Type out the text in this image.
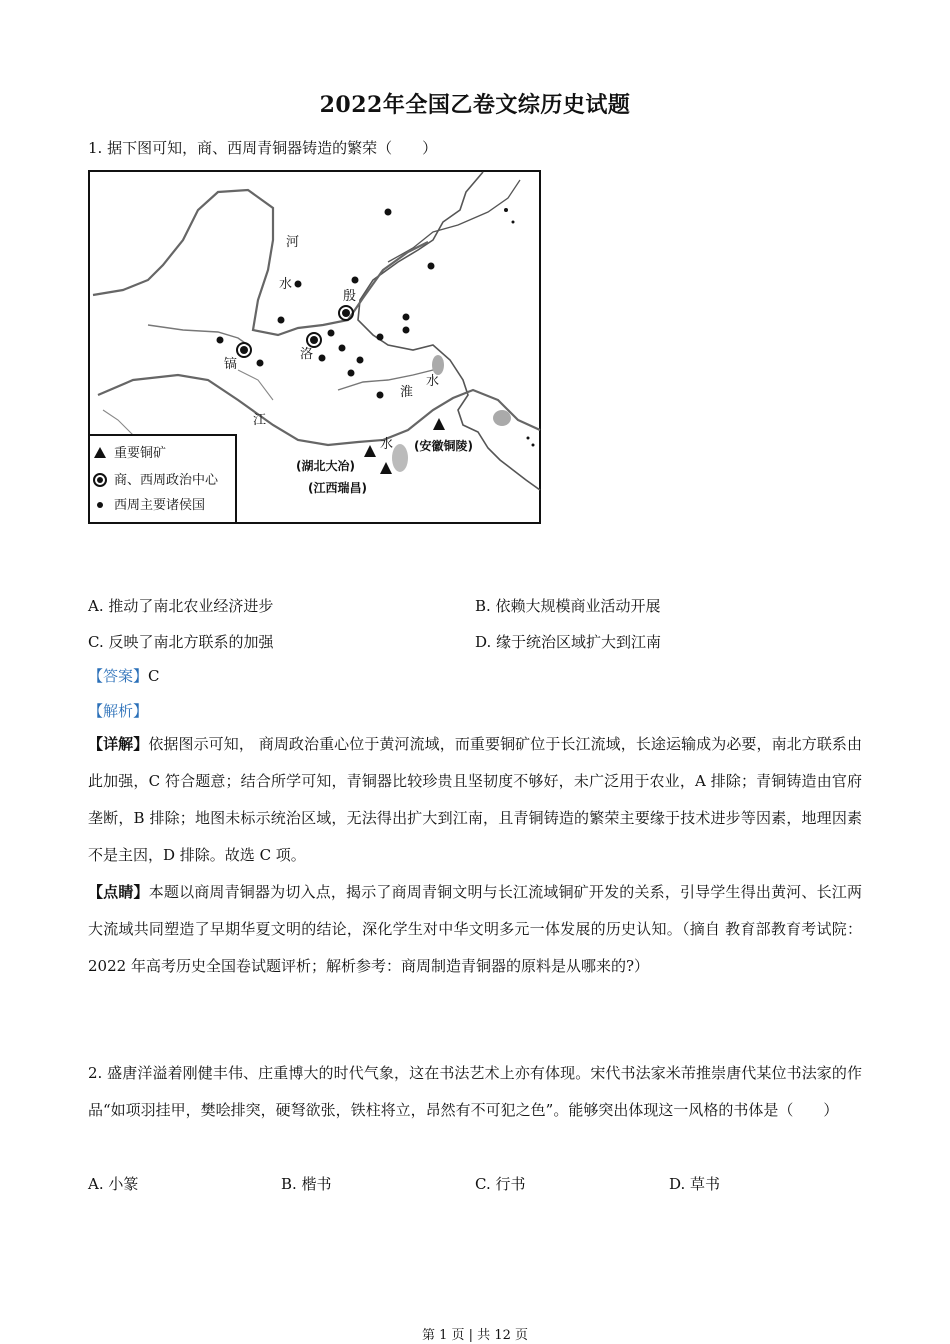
2022年全国乙卷文综历史试题
1. 据下图可知，商、西周青铜器铸造的繁荣（　　）
河
水
殷
镐
洛
淮
水
江
水 (安徽铜陵)
(湖北大冶)
(江西瑞昌)
重要铜矿
商、西周政治中心
西周主要诸侯国
A. 推动了南北农业经济进步	B. 依赖大规模商业活动开展
C. 反映了南北方联系的加强	D. 缘于统治区域扩大到江南
【答案】C
【解析】
【详解】依据图示可知， 商周政治重心位于黄河流域，而重要铜矿位于长江流域，长途运输成为必要，南北方联系由此加强，C 符合题意；结合所学可知，青铜器比较珍贵且坚韧度不够好，未广泛用于农业，A 排除；青铜铸造由官府垄断，B 排除；地图未标示统治区域，无法得出扩大到江南，且青铜铸造的繁荣主要缘于技术进步等因素，地理因素不是主因，D 排除。故选 C 项。
【点睛】本题以商周青铜器为切入点，揭示了商周青铜文明与长江流域铜矿开发的关系，引导学生得出黄河、长江两大流域共同塑造了早期华夏文明的结论，深化学生对中华文明多元一体发展的历史认知。（摘自 教育部教育考试院：2022 年高考历史全国卷试题评析；解析参考：商周制造青铜器的原料是从哪来的?）
2. 盛唐洋溢着刚健丰伟、庄重博大的时代气象，这在书法艺术上亦有体现。宋代书法家米芾推崇唐代某位书法家的作品“如项羽挂甲，樊哙排突，硬弩欲张，铁柱将立，昂然有不可犯之色”。能够突出体现这一风格的书体是（　　）
A. 小篆	B. 楷书	C. 行书	D. 草书
第 1 页 | 共 12 页
